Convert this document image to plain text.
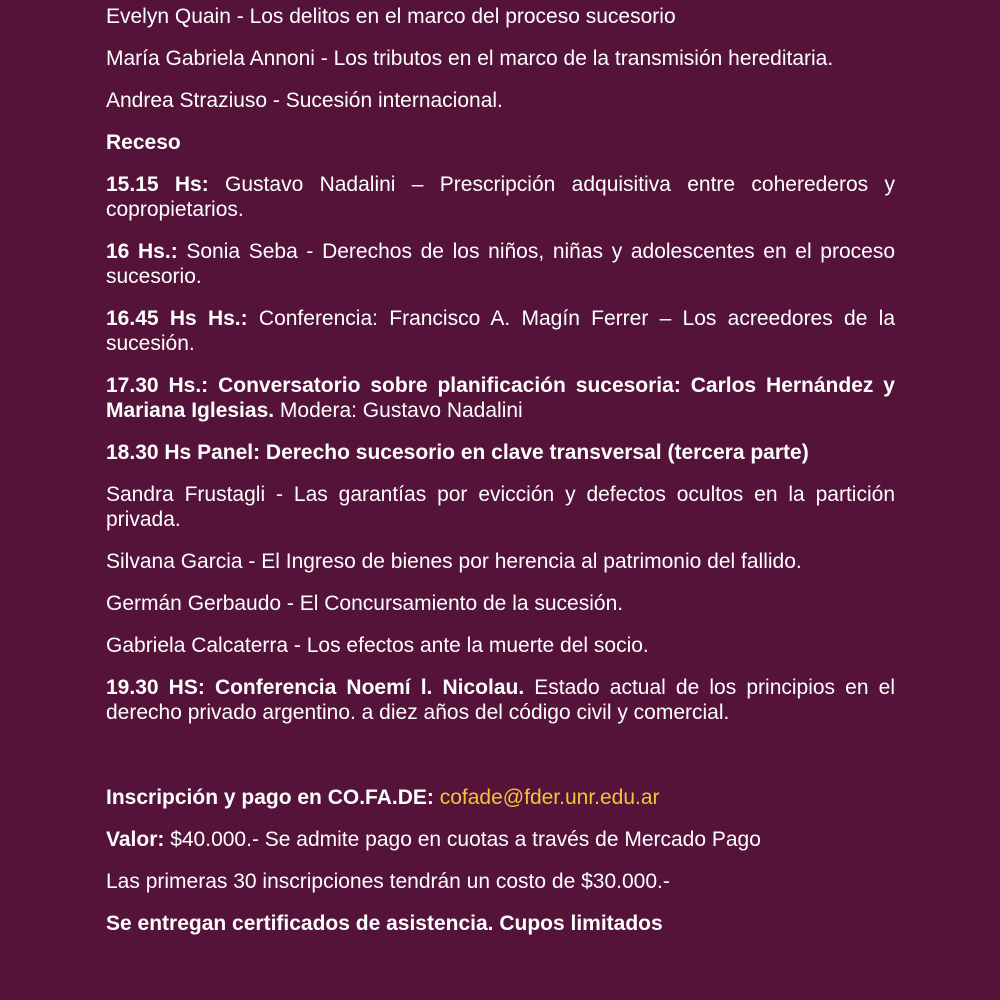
Evelyn Quain - Los delitos en el marco del proceso sucesorio

María Gabriela Annoni - Los tributos en el marco de la transmisión hereditaria.

Andrea Straziuso - Sucesión internacional.

Receso

15.15 Hs: Gustavo Nadalini – Prescripción adquisitiva entre coherederos y copropietarios.

16 Hs.: Sonia Seba - Derechos de los niños, niñas y adolescentes en el proceso sucesorio.

16.45 Hs Hs.: Conferencia: Francisco A. Magín Ferrer – Los acreedores de la sucesión.

17.30 Hs.: Conversatorio sobre planificación sucesoria: Carlos Hernández y Mariana Iglesias. Modera: Gustavo Nadalini

18.30 Hs Panel: Derecho sucesorio en clave transversal (tercera parte)

Sandra Frustagli - Las garantías por evicción y defectos ocultos en la partición privada.

Silvana Garcia - El Ingreso de bienes por herencia al patrimonio del fallido.

Germán Gerbaudo - El Concursamiento de la sucesión.

Gabriela Calcaterra - Los efectos ante la muerte del socio.

19.30 HS: Conferencia Noemí l. Nicolau. Estado actual de los principios en el derecho privado argentino. a diez años del código civil y comercial.

Inscripción y pago en CO.FA.DE: cofade@fder.unr.edu.ar

Valor: $40.000.- Se admite pago en cuotas a través de Mercado Pago

Las primeras 30 inscripciones tendrán un costo de $30.000.-

Se entregan certificados de asistencia. Cupos limitados
